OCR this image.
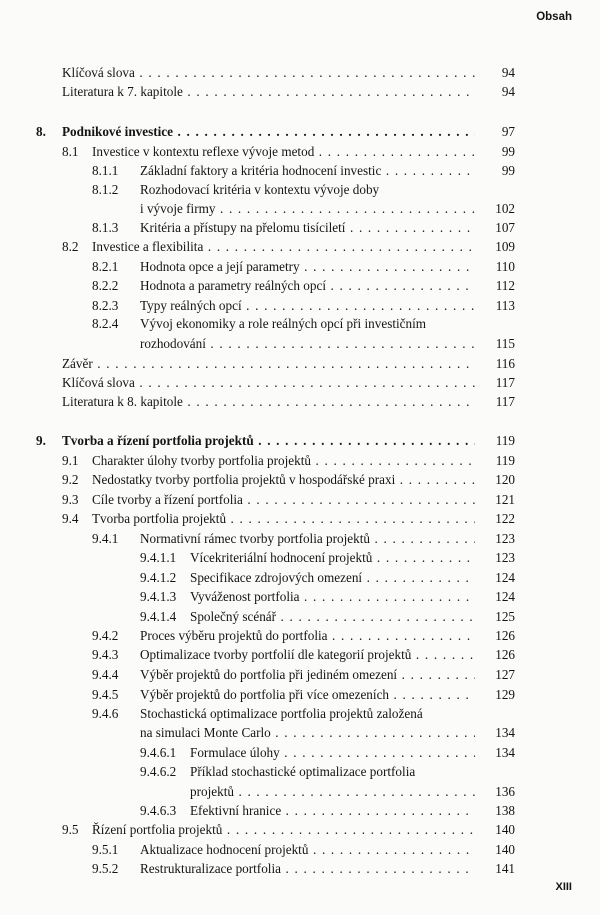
Obsah
Klíčová slova . . .	94
Literatura k 7. kapitole . . .	94
8. Podnikové investice . . .	97
8.1 Investice v kontextu reflexe vývoje metod . . .	99
8.1.1 Základní faktory a kritéria hodnocení investic . . .	99
8.1.2 Rozhodovací kritéria v kontextu vývoje doby
i vývoje firmy . . .	102
8.1.3 Kritéria a přístupy na přelomu tisíciletí . . .	107
8.2 Investice a flexibilita . . .	109
8.2.1 Hodnota opce a její parametry . . .	110
8.2.2 Hodnota a parametry reálných opcí . . .	112
8.2.3 Typy reálných opcí . . .	113
8.2.4 Vývoj ekonomiky a role reálných opcí při investičním
rozhodování . . .	115
Závěr . . .	116
Klíčová slova . . .	117
Literatura k 8. kapitole . . .	117
9. Tvorba a řízení portfolia projektů . . .	119
9.1 Charakter úlohy tvorby portfolia projektů . . .	119
9.2 Nedostatky tvorby portfolia projektů v hospodářské praxi . . .	120
9.3 Cíle tvorby a řízení portfolia . . .	121
9.4 Tvorba portfolia projektů . . .	122
9.4.1 Normativní rámec tvorby portfolia projektů . . .	123
9.4.1.1 Vícekriteriální hodnocení projektů . . .	123
9.4.1.2 Specifikace zdrojových omezení . . .	124
9.4.1.3 Vyváženost portfolia . . .	124
9.4.1.4 Společný scénář . . .	125
9.4.2 Proces výběru projektů do portfolia . . .	126
9.4.3 Optimalizace tvorby portfolií dle kategorií projektů . . .	126
9.4.4 Výběr projektů do portfolia při jediném omezení . . .	127
9.4.5 Výběr projektů do portfolia při více omezeních . . .	129
9.4.6 Stochastická optimalizace portfolia projektů založená
na simulaci Monte Carlo . . .	134
9.4.6.1 Formulace úlohy . . .	134
9.4.6.2 Příklad stochastické optimalizace portfolia
projektů . . .	136
9.4.6.3 Efektivní hranice . . .	138
9.5 Řízení portfolia projektů . . .	140
9.5.1 Aktualizace hodnocení projektů . . .	140
9.5.2 Restrukturalizace portfolia . . .	141
XIII
